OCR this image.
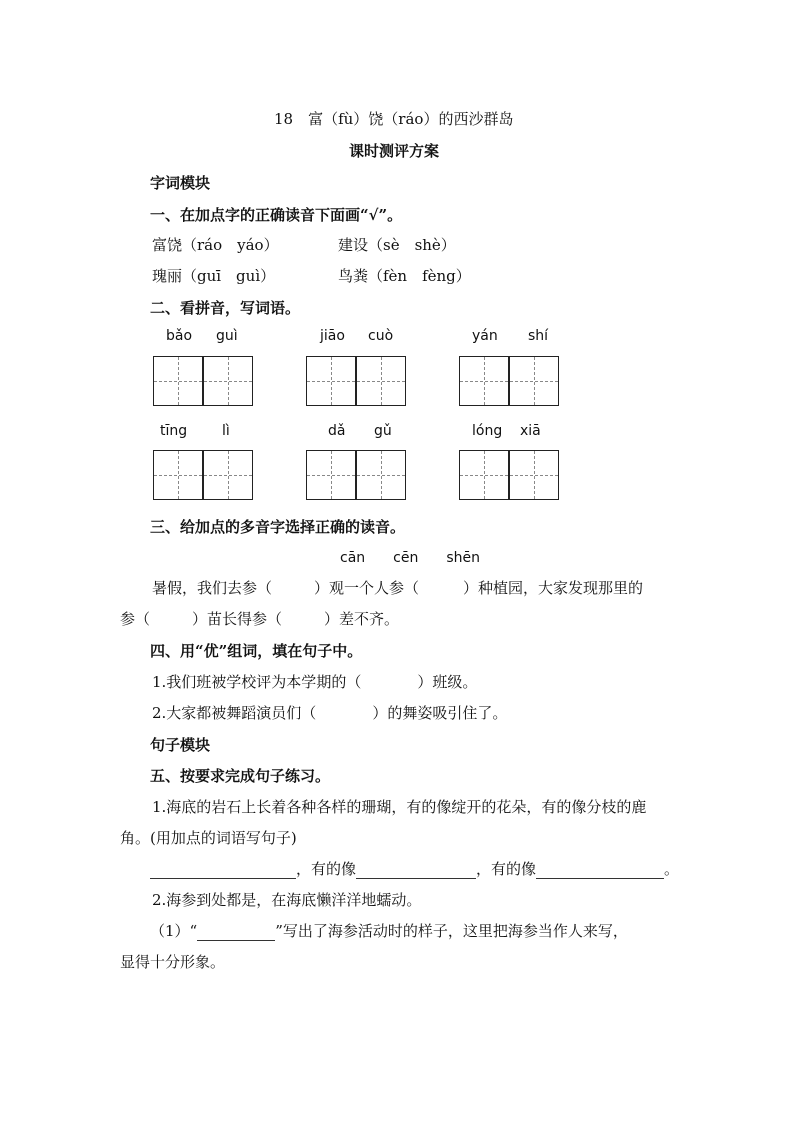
18　富（fù）饶（ráo）的西沙群岛
课时测评方案
字词模块
一、在加点字的正确读音下面画“√”。
富饶（ráo　yáo）	建设（sè　shè）
瑰丽（guī　guì）	鸟粪（fèn　fèng）
二、看拼音，写词语。
bǎo guì	jiāo cuò	yán shí
tīng lì	dǎ gǔ	lóng xiā
三、给加点的多音字选择正确的读音。
cān　　cēn　　shēn
暑假，我们去参（	）观一个人参（	）种植园，大家发现那里的
参（	）苗长得参（	）差不齐。
四、用“优”组词，填在句子中。
1.我们班被学校评为本学期的（	）班级。
2.大家都被舞蹈演员们（	）的舞姿吸引住了。
句子模块
五、按要求完成句子练习。
1.海底的岩石上长着各种各样的珊瑚，有的像绽开的花朵，有的像分枝的鹿
角。(用加点的词语写句子)
，有的像	，有的像	。
2.海参到处都是，在海底懒洋洋地蠕动。
（1）“	”写出了海参活动时的样子，这里把海参当作人来写，
显得十分形象。
